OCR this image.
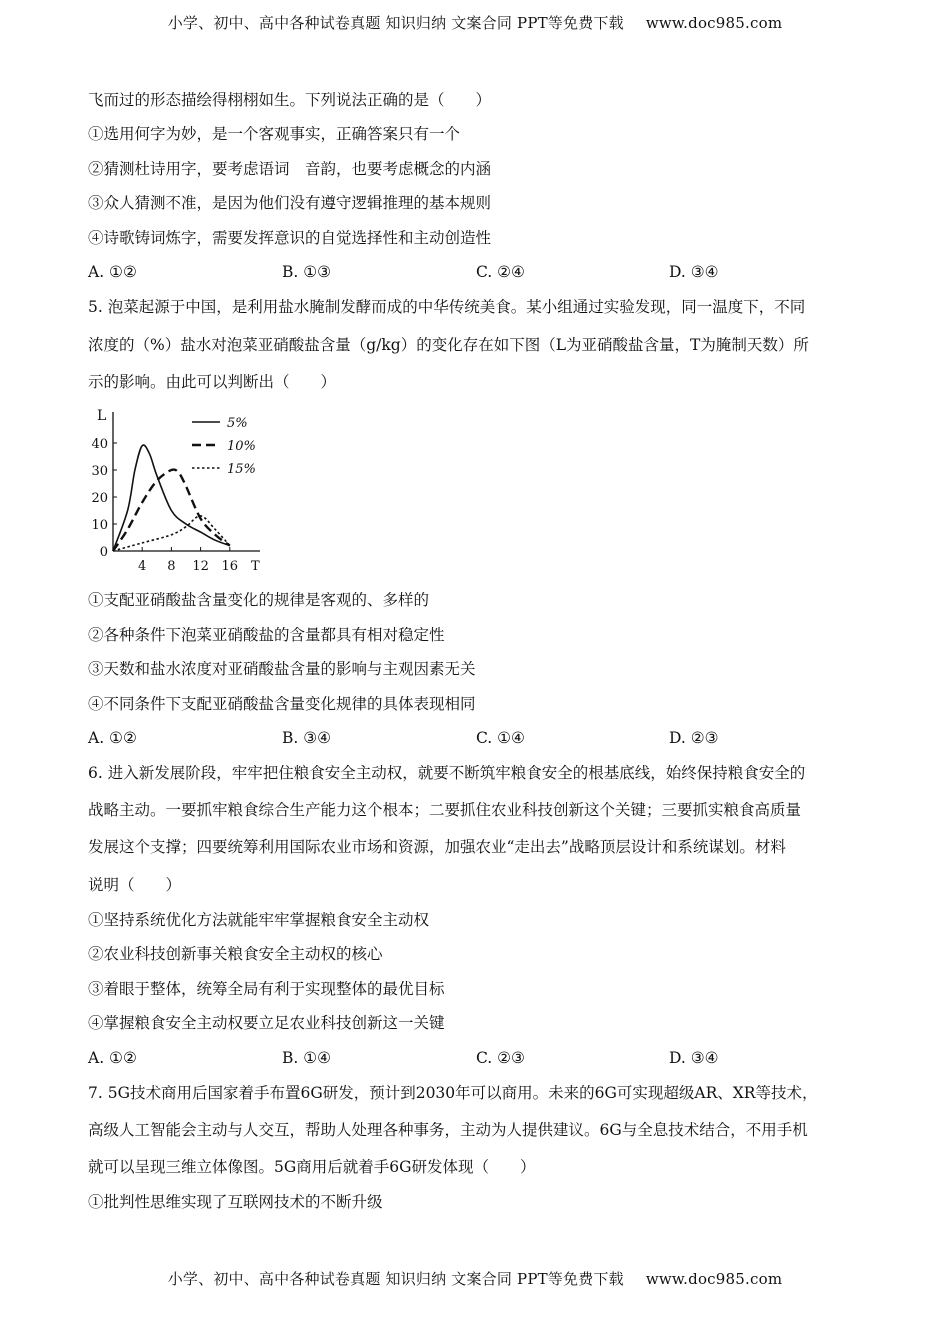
小学、初中、高中各种试卷真题 知识归纳 文案合同 PPT等免费下载 www.doc985.com
飞而过的形态描绘得栩栩如生。下列说法正确的是（　　）
①选用何字为妙，是一个客观事实，正确答案只有一个
②猜测杜诗用字，要考虑语词　音韵，也要考虑概念的内涵
③众人猜测不准，是因为他们没有遵守逻辑推理的基本规则
④诗歌铸词炼字，需要发挥意识的自觉选择性和主动创造性
A. ①②	B. ①③	C. ②④	D. ③④
5. 泡菜起源于中国，是利用盐水腌制发酵而成的中华传统美食。某小组通过实验发现，同一温度下，不同
浓度的（%）盐水对泡菜亚硝酸盐含量（g/kg）的变化存在如下图（L为亚硝酸盐含量，T为腌制天数）所
示的影响。由此可以判断出（　　）
L
T
0
10
20
30
40
4 8 12 16
5%
10%
15%
①支配亚硝酸盐含量变化的规律是客观的、多样的
②各种条件下泡菜亚硝酸盐的含量都具有相对稳定性
③天数和盐水浓度对亚硝酸盐含量的影响与主观因素无关
④不同条件下支配亚硝酸盐含量变化规律的具体表现相同
A. ①②	B. ③④	C. ①④	D. ②③
6. 进入新发展阶段，牢牢把住粮食安全主动权，就要不断筑牢粮食安全的根基底线，始终保持粮食安全的
战略主动。一要抓牢粮食综合生产能力这个根本；二要抓住农业科技创新这个关键；三要抓实粮食高质量
发展这个支撑；四要统筹利用国际农业市场和资源，加强农业“走出去”战略顶层设计和系统谋划。材料
说明（　　）
①坚持系统优化方法就能牢牢掌握粮食安全主动权
②农业科技创新事关粮食安全主动权的核心
③着眼于整体，统筹全局有利于实现整体的最优目标
④掌握粮食安全主动权要立足农业科技创新这一关键
A. ①②	B. ①④	C. ②③	D. ③④
7. 5G技术商用后国家着手布置6G研发，预计到2030年可以商用。未来的6G可实现超级AR、XR等技术，
高级人工智能会主动与人交互，帮助人处理各种事务，主动为人提供建议。6G与全息技术结合，不用手机
就可以呈现三维立体像图。5G商用后就着手6G研发体现（　　）
①批判性思维实现了互联网技术的不断升级
小学、初中、高中各种试卷真题 知识归纳 文案合同 PPT等免费下载 www.doc985.com
